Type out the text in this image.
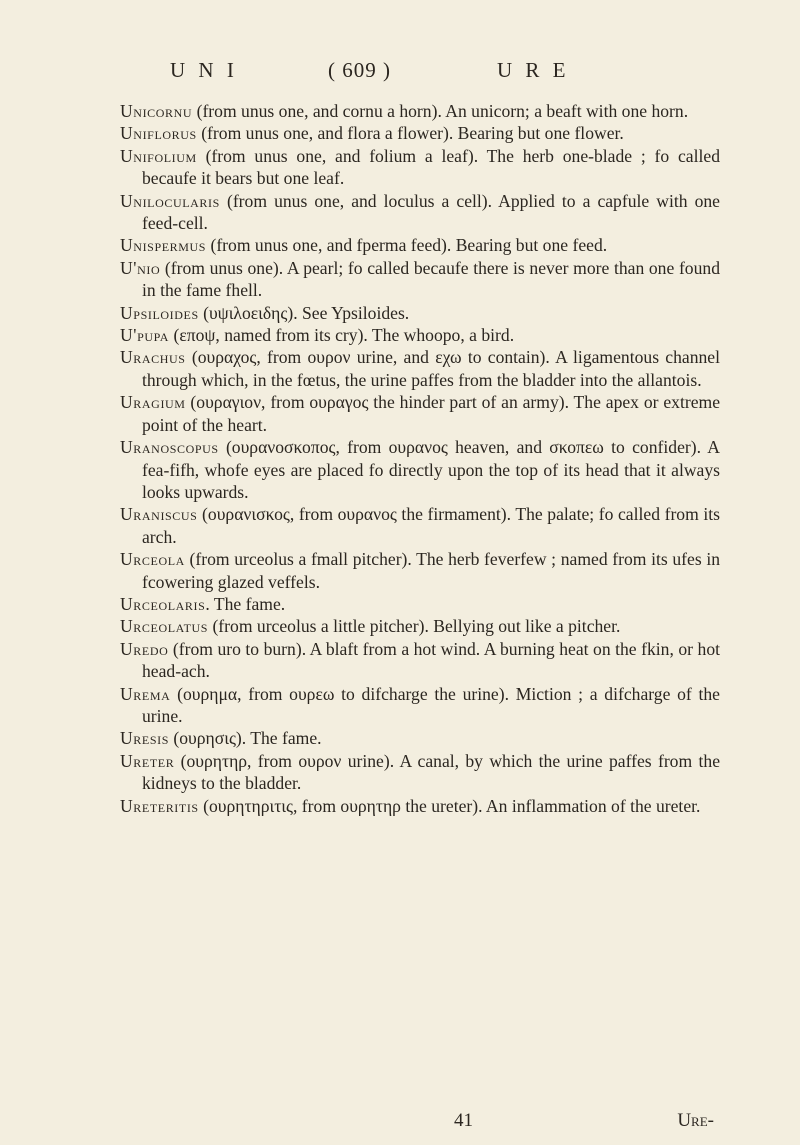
U N I	( 609 )	U R E

Unicornu (from unus one, and cornu a horn). An unicorn; a beaft with one horn.

Uniflorus (from unus one, and flora a flower). Bearing but one flower.

Unifolium (from unus one, and folium a leaf). The herb one-blade ; fo called becaufe it bears but one leaf.

Unilocularis (from unus one, and loculus a cell). Applied to a capfule with one feed-cell.

Unispermus (from unus one, and fperma feed). Bearing but one feed.

U'nio (from unus one). A pearl; fo called becaufe there is never more than one found in the fame fhell.

Upsiloides (υψιλοειδης). See Ypsiloides.

U'pupa (εποψ, named from its cry). The whoopo, a bird.

Urachus (ουραχος, from ουρον urine, and εχω to contain). A ligamentous channel through which, in the fœtus, the urine paffes from the bladder into the allantois.

Uragium (ουραγιον, from ουραγος the hinder part of an army). The apex or extreme point of the heart.

Uranoscopus (ουρανοσκοπος, from ουρανος heaven, and σκοπεω to confider). A fea-fifh, whofe eyes are placed fo directly upon the top of its head that it always looks upwards.

Uraniscus (ουρανισκος, from ουρανος the firmament). The palate; fo called from its arch.

Urceola (from urceolus a fmall pitcher). The herb feverfew ; named from its ufes in fcowering glazed veffels.

Urceolaris. The fame.

Urceolatus (from urceolus a little pitcher). Bellying out like a pitcher.

Uredo (from uro to burn). A blaft from a hot wind. A burning heat on the fkin, or hot head-ach.

Urema (ουρημα, from ουρεω to difcharge the urine). Miction ; a difcharge of the urine.

Uresis (ουρησις). The fame.

Ureter (ουρητηρ, from ουρον urine). A canal, by which the urine paffes from the kidneys to the bladder.

Ureteritis (ουρητηριτις, from ουρητηρ the ureter). An inflammation of the ureter.

41	Ure-
